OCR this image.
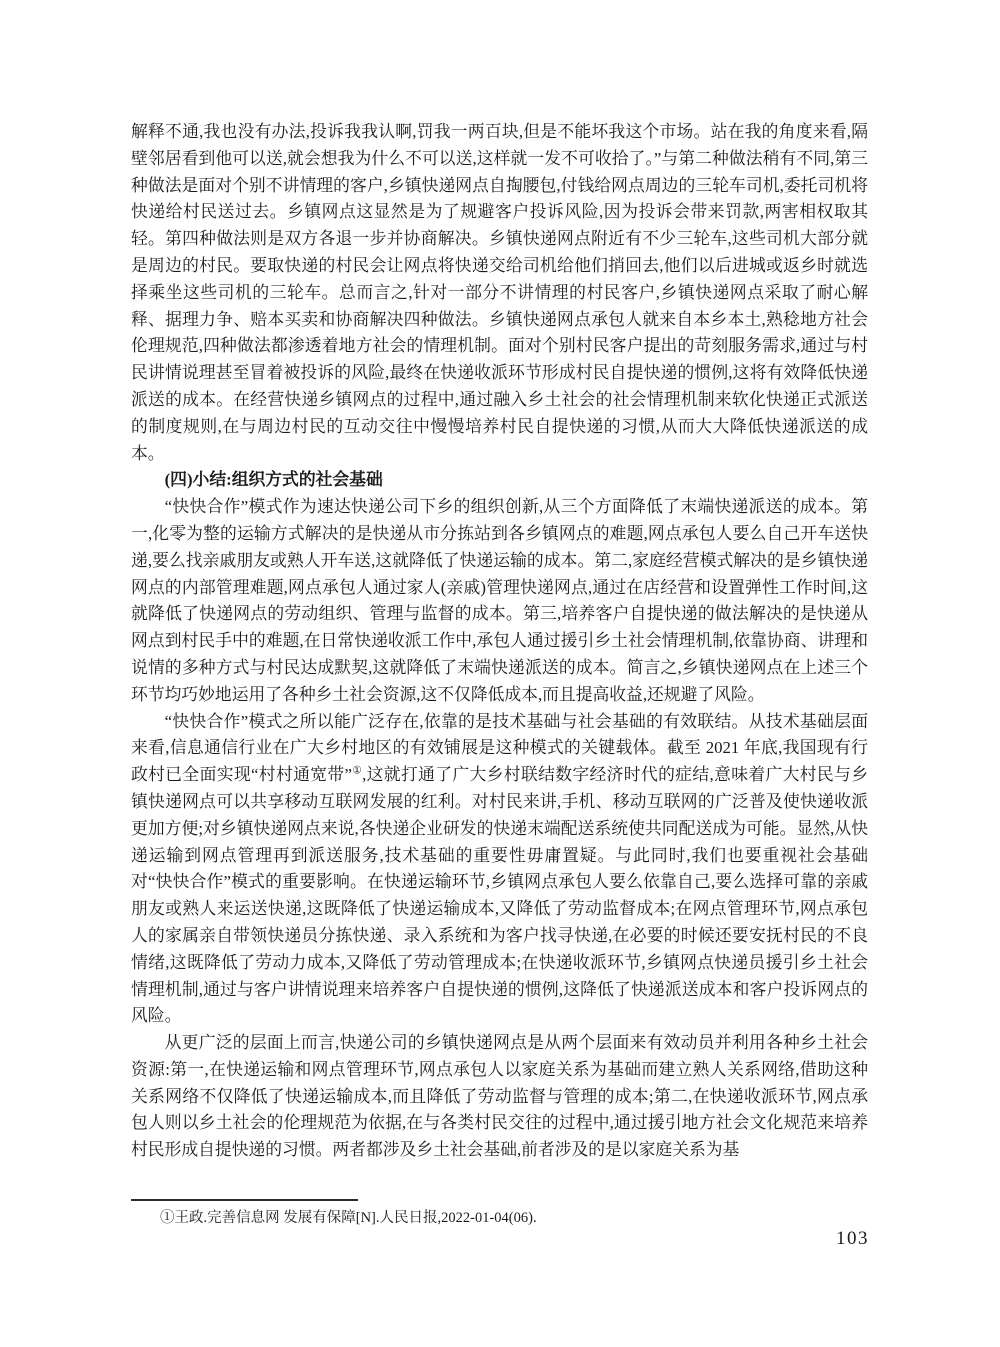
解释不通,我也没有办法,投诉我我认啊,罚我一两百块,但是不能坏我这个市场。站在我的角度来看,隔壁邻居看到他可以送,就会想我为什么不可以送,这样就一发不可收拾了。”与第二种做法稍有不同,第三种做法是面对个别不讲情理的客户,乡镇快递网点自掏腰包,付钱给网点周边的三轮车司机,委托司机将快递给村民送过去。乡镇网点这显然是为了规避客户投诉风险,因为投诉会带来罚款,两害相权取其轻。第四种做法则是双方各退一步并协商解决。乡镇快递网点附近有不少三轮车,这些司机大部分就是周边的村民。要取快递的村民会让网点将快递交给司机给他们捎回去,他们以后进城或返乡时就选择乘坐这些司机的三轮车。总而言之,针对一部分不讲情理的村民客户,乡镇快递网点采取了耐心解释、据理力争、赔本买卖和协商解决四种做法。乡镇快递网点承包人就来自本乡本土,熟稔地方社会伦理规范,四种做法都渗透着地方社会的情理机制。面对个别村民客户提出的苛刻服务需求,通过与村民讲情说理甚至冒着被投诉的风险,最终在快递收派环节形成村民自提快递的惯例,这将有效降低快递派送的成本。在经营快递乡镇网点的过程中,通过融入乡土社会的社会情理机制来软化快递正式派送的制度规则,在与周边村民的互动交往中慢慢培养村民自提快递的习惯,从而大大降低快递派送的成本。

(四)小结:组织方式的社会基础

“快快合作”模式作为速达快递公司下乡的组织创新,从三个方面降低了末端快递派送的成本。第一,化零为整的运输方式解决的是快递从市分拣站到各乡镇网点的难题,网点承包人要么自己开车送快递,要么找亲戚朋友或熟人开车送,这就降低了快递运输的成本。第二,家庭经营模式解决的是乡镇快递网点的内部管理难题,网点承包人通过家人(亲戚)管理快递网点,通过在店经营和设置弹性工作时间,这就降低了快递网点的劳动组织、管理与监督的成本。第三,培养客户自提快递的做法解决的是快递从网点到村民手中的难题,在日常快递收派工作中,承包人通过援引乡土社会情理机制,依靠协商、讲理和说情的多种方式与村民达成默契,这就降低了末端快递派送的成本。简言之,乡镇快递网点在上述三个环节均巧妙地运用了各种乡土社会资源,这不仅降低成本,而且提高收益,还规避了风险。

“快快合作”模式之所以能广泛存在,依靠的是技术基础与社会基础的有效联结。从技术基础层面来看,信息通信行业在广大乡村地区的有效铺展是这种模式的关键载体。截至 2021 年底,我国现有行政村已全面实现“村村通宽带”①,这就打通了广大乡村联结数字经济时代的症结,意味着广大村民与乡镇快递网点可以共享移动互联网发展的红利。对村民来讲,手机、移动互联网的广泛普及使快递收派更加方便;对乡镇快递网点来说,各快递企业研发的快递末端配送系统使共同配送成为可能。显然,从快递运输到网点管理再到派送服务,技术基础的重要性毋庸置疑。与此同时,我们也要重视社会基础对“快快合作”模式的重要影响。在快递运输环节,乡镇网点承包人要么依靠自己,要么选择可靠的亲戚朋友或熟人来运送快递,这既降低了快递运输成本,又降低了劳动监督成本;在网点管理环节,网点承包人的家属亲自带领快递员分拣快递、录入系统和为客户找寻快递,在必要的时候还要安抚村民的不良情绪,这既降低了劳动力成本,又降低了劳动管理成本;在快递收派环节,乡镇网点快递员援引乡土社会情理机制,通过与客户讲情说理来培养客户自提快递的惯例,这降低了快递派送成本和客户投诉网点的风险。

从更广泛的层面上而言,快递公司的乡镇快递网点是从两个层面来有效动员并利用各种乡土社会资源:第一,在快递运输和网点管理环节,网点承包人以家庭关系为基础而建立熟人关系网络,借助这种关系网络不仅降低了快递运输成本,而且降低了劳动监督与管理的成本;第二,在快递收派环节,网点承包人则以乡土社会的伦理规范为依据,在与各类村民交往的过程中,通过援引地方社会文化规范来培养村民形成自提快递的习惯。两者都涉及乡土社会基础,前者涉及的是以家庭关系为基

①王政.完善信息网 发展有保障[N].人民日报,2022-01-04(06).

103
